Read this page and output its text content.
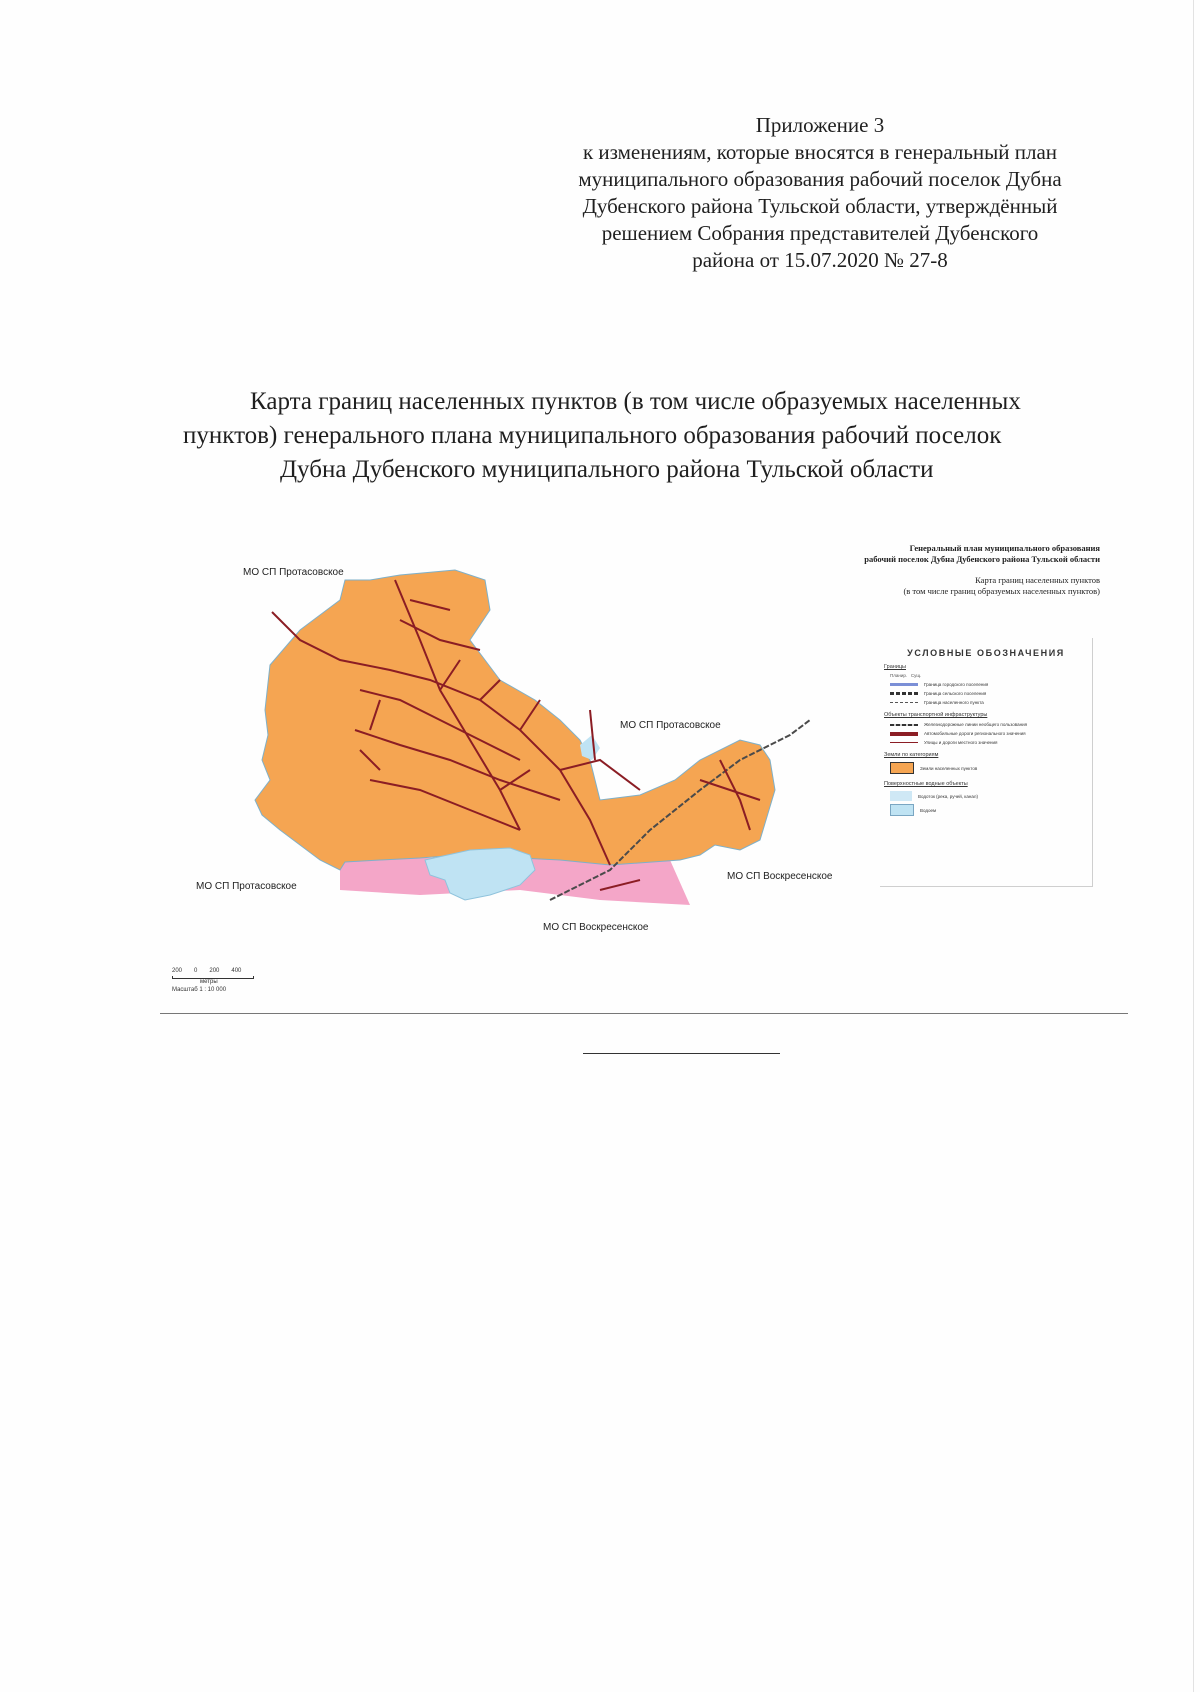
Приложение 3
к изменениям, которые вносятся в генеральный план
муниципального образования рабочий поселок Дубна
Дубенского района Тульской области, утверждённый
решением Собрания представителей Дубенского
района от 15.07.2020 № 27-8
Карта границ населенных пунктов (в том числе образуемых населенных
пунктов) генерального плана муниципального образования рабочий поселок
Дубна Дубенского муниципального района Тульской области
МО СП Протасовское
МО СП Протасовское
МО СП Протасовское
МО СП Воскресенское
МО СП Воскресенское
Генеральный план муниципального образования
рабочий поселок Дубна Дубенского района Тульской области
Карта границ населенных пунктов
(в том числе границ образуемых населенных пунктов)
УСЛОВНЫЕ ОБОЗНАЧЕНИЯ
Границы
Планир. Сущ.
Граница городского поселения
Граница сельского поселения
Граница населенного пункта
Объекты транспортной инфраструктуры
Железнодорожные линии необщего пользования
Автомобильные дороги регионального значения
Улицы и дороги местного значения
Земли по категориям
Земли населенных пунктов
Поверхностные водные объекты
Водоток (река, ручей, канал)
Водоем
200 0 200 400
метры
Масштаб 1 : 10 000
